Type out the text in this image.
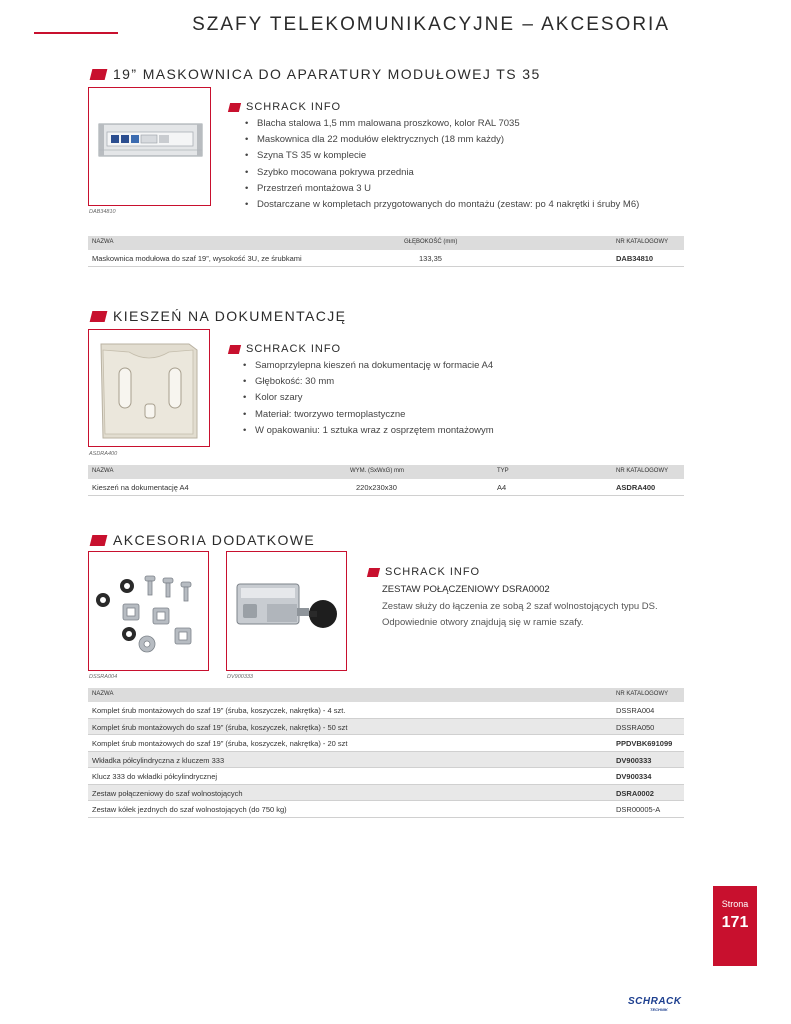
SZAFY TELEKOMUNIKACYJNE – AKCESORIA
19” MASKOWNICA DO APARATURY MODUŁOWEJ TS 35
DAB34810
SCHRACK INFO
• Blacha stalowa 1,5 mm malowana proszkowo, kolor RAL 7035
• Maskownica dla 22 modułów elektrycznych (18 mm każdy)
• Szyna TS 35 w komplecie
• Szybko mocowana pokrywa przednia
• Przestrzeń montażowa 3 U
• Dostarczane w kompletach przygotowanych do montażu (zestaw: po 4 nakrętki i śruby M6)
NAZWA	GŁĘBOKOŚĆ (mm)	NR KATALOGOWY
Maskownica modułowa do szaf 19”, wysokość 3U, ze śrubkami	133,35	DAB34810
KIESZEŃ NA DOKUMENTACJĘ
ASDRA400
SCHRACK INFO
• Samoprzylepna kieszeń na dokumentację w formacie A4
• Głębokość: 30 mm
• Kolor szary
• Materiał: tworzywo termoplastyczne
• W opakowaniu: 1 sztuka wraz z osprzętem montażowym
NAZWA	WYM. (SxWxG) mm	TYP	NR KATALOGOWY
Kieszeń na dokumentację A4	220x230x30	A4	ASDRA400
AKCESORIA DODATKOWE
DSSRA004	DV900333
SCHRACK INFO
ZESTAW POŁĄCZENIOWY DSRA0002
Zestaw służy do łączenia ze sobą 2 szaf wolnostojących typu DS.
Odpowiednie otwory znajdują się w ramie szafy.
NAZWA	NR KATALOGOWY
Komplet śrub montażowych do szaf 19” (śruba, koszyczek, nakrętka) - 4 szt.	DSSRA004
Komplet śrub montażowych do szaf 19” (śruba, koszyczek, nakrętka) - 50 szt	DSSRA050
Komplet śrub montażowych do szaf 19” (śruba, koszyczek, nakrętka) - 20 szt	PPDVBK691099
Wkładka półcylindryczna z kluczem 333	DV900333
Klucz 333 do wkładki półcylindrycznej	DV900334
Zestaw połączeniowy do szaf wolnostojących	DSRA0002
Zestaw kółek jezdnych do szaf wolnostojących (do 750 kg)	DSR00005-A
Strona
171
SCHRACK
TECHNIK
